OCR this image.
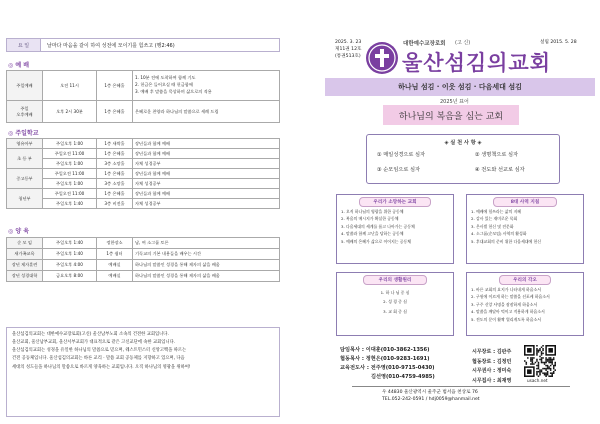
요 일	날마다 마음을 같이 하여 성전에 모이기를 힘쓰고 (행2:46)
◎ 예 배
주일예배	오전 11시	1층 은혜홀	1. 10분 전에 도착하여 함께 기도
2. 헌금은 들어오실 때 헌금함에
3. 예배 후 말씀을 묵상하며 삶으로의 적용

주일
오후예배	오후 2시 30분	1층 은혜홀	은혜로운 찬양과 하나님의 말씀으로 세례 드림
◎ 주일학교
영유아부	주일오후 1:00	1층 새싹홀	장년들과 함께 예배
초 등 부	주일오전 11:00	1층 은혜홀	장년들과 함께 예배
	주일오후 1:00	3층 소망홀	자체 성경공부
중고등부	주일오전 11:00	1층 은혜홀	장년들과 함께 예배
	주일오후 1:00	3층 소망홀	자체 성경공부
청년부	주일오전 11:00	1층 은혜홀	장년들과 함께 예배
	주일오후 1:40	3층 비전홀	자체 성경공부
◎ 양 육
순 모 임	주일오후 1:40	정한장소	남, 여 소그룹 토론
새가족교육	주일오후 1:40	1층 쉼터	기독교의 기본 내용들을 배우는 시간
장년 제자훈련	주일오후 4:00	예배실	하나님의 말씀인 성경을 통해 제자의 삶을 배움
장년 성경대학	금요오후 8:00	예배실	하나님의 말씀인 성경을 통해 제자의 삶을 배움
울산섬김의교회는 대한예수교장로회(고신) 울산남부노회 소속의 건전한 교회입니다.
울산교회, 울산남부교회, 울산서부교회가 대표적으로 같은 고신교단에 속한 교회입니다.
울산섬김의교회는 성경을 유일한 하나님의 말씀으로 믿으며, 웨스트민스터 신앙고백을 따르는
건전 공동체입니다. 울산섬김의교회는 바른 교리 · 말씀 교회 공동체를 지향하고 있으며, 다음
세대의 성도들을 하나님의 말씀으로 바르게 양육하는 교회입니다. 오직 하나님의 영광을 위하여!
2025. 3. 23
제11권 12호
(통권513호)
설립 2015. 5. 28
대한예수교장로회 (고 신)
울산섬김의교회
하나님 섬김 · 이웃 섬김 · 다음세대 섬김
2025년 표어
하나님의 복음을 심는 교회
◈ 실 천 사 항 ◈
① 매일성경으로 심자	② 생명책으로 심자
③ 순모임으로 심자	④ 전도와 선교로 심자
우리가 소망하는 교회
1. 오직 하나님의 영광을 위한 공동체
2. 복음의 메시지가 확실한 공동체
3. 다음세대의 세계를 품고 나아가는 공동체
4. 말씀과 함께 고난을 당하는 공동체
5. 예배의 은혜가 삶으로 이어지는 공동체
8대 사역 지침
1. 예배에 힘쓰라는 삶의 지혜
2. 감사 있는 재미로운 목회
3. 은사별 헌신 및 전문화
4. 소그룹(순모임) 사역의 활성화
5. 후대교회의 준비 위한 다음세대에 헌신
우리의 생활원리
1. 하 나 님 중 심
2. 성 경 중 심
3. 교 회 중 심
우리의 각오
1. 바른 교회의 요지가 나타내게 하옵소서
2. 구원에 이르게 하는 말씀을 선포케 하옵소서
3. 구주 신앙 사명을 잠잠하게 하옵소서
4. 말씀을 깨달아 먹이고 적용하게 하옵소서
5. 전도의 문이 활짝 열리게도록 하옵소서
담임목사 : 이대훈(010-3862-1356)
협동목사 : 정현은(010-9283-1691)
교육전도사 : 전주영(010-9715-0430)
김선영(010-4759-4985)
시무장로 : 김판주
협동장로 : 김정민
시무권사 : 정미숙
시무집사 : 최재영	usach.net
우 44830 울산광역시 울주군 범서읍 천상로 76
TEL.052-242-0591 / hdj0059@hanmail.net
